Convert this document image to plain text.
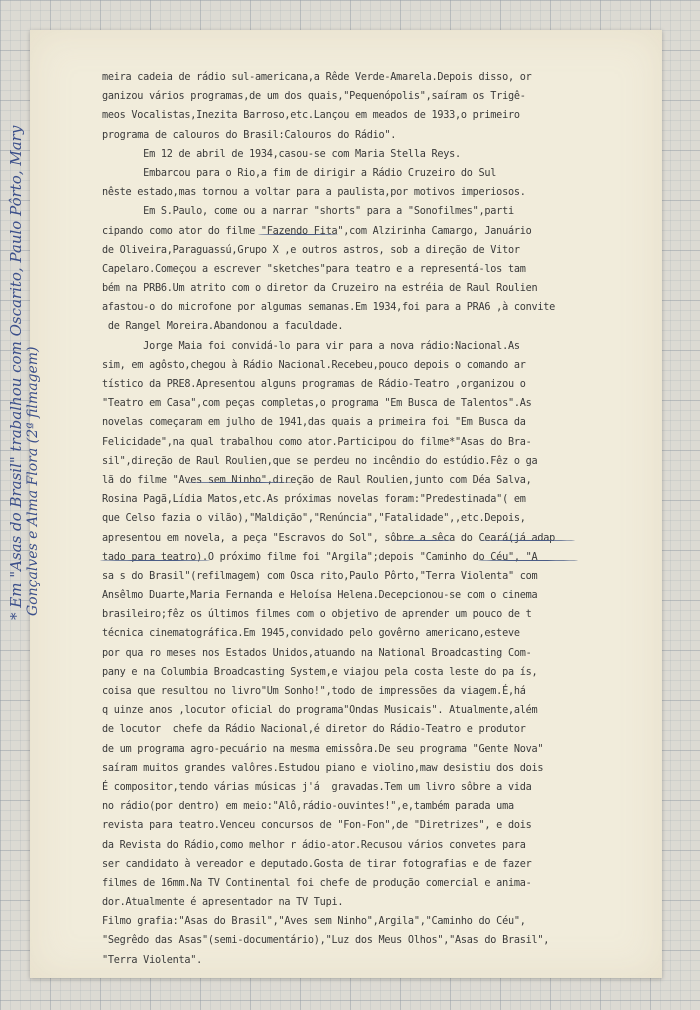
meira cadeia de rádio sul-americana,a Rêde Verde-Amarela.Depois disso, or
ganizou vários programas,de um dos quais,"Pequenópolis",saíram os Trigê-
meos Vocalistas,Inezita Barroso,etc.Lançou em meados de 1933,o primeiro
programa de calouros do Brasil:Calouros do Rádio".
Em 12 de abril de 1934,casou-se com Maria Stella Reys.
Embarcou para o Rio,a fim de dirigir a Rádio Cruzeiro do Sul
nêste estado,mas tornou a voltar para a paulista,por motivos imperiosos.
Em S.Paulo, come ou a narrar "shorts" para a "Sonofilmes",parti
cipando como ator do filme "Fazendo Fita",com Alzirinha Camargo, Januário
de Oliveira,Paraguassú,Grupo X ,e outros astros, sob a direção de Vitor
Capelaro.Começou a escrever "sketches"para teatro e a representá-los tam
bém na PRB6.Um atrito com o diretor da Cruzeiro na estréia de Raul Roulien
afastou-o do microfone por algumas semanas.Em 1934,foi para a PRA6 ,à convite
de Rangel Moreira.Abandonou a faculdade.
Jorge Maia foi convidá-lo para vir para a nova rádio:Nacional.As
sim, em agôsto,chegou à Rádio Nacional.Recebeu,pouco depois o comando ar
tístico da PRE8.Apresentou alguns programas de Rádio-Teatro ,organizou o
"Teatro em Casa",com peças completas,o programa "Em Busca de Talentos".As
novelas começaram em julho de 1941,das quais a primeira foi "Em Busca da
Felicidade",na qual trabalhou como ator.Participou do filme*"Asas do Bra-
sil",direção de Raul Roulien,que se perdeu no incêndio do estúdio.Fêz o ga
lã do filme "Aves sem Ninho",direção de Raul Roulien,junto com Déa Salva,
Rosina Pagã,Lídia Matos,etc.As próximas novelas foram:"Predestinada"( em
que Celso fazia o vilão),"Maldição","Renúncia","Fatalidade",,etc.Depois,
apresentou em novela, a peça "Escravos do Sol", sôbre a sêca do Ceará(já adap
tado para teatro).O próximo filme foi "Argila";depois "Caminho do Céu", "A
sa s do Brasil"(refilmagem) com Osca rito,Paulo Pôrto,"Terra Violenta" com
Ansêlmo Duarte,Maria Fernanda e Heloísa Helena.Decepcionou-se com o cinema
brasileiro;fêz os últimos filmes com o objetivo de aprender um pouco de t
técnica cinematográfica.Em 1945,convidado pelo govêrno americano,esteve
por qua ro meses nos Estados Unidos,atuando na National Broadcasting Com-
pany e na Columbia Broadcasting System,e viajou pela costa leste do pa ís,
coisa que resultou no livro"Um Sonho!",todo de impressões da viagem.É,há
q uinze anos ,locutor oficial do programa"Ondas Musicais". Atualmente,além
de locutor  chefe da Rádio Nacional,é diretor do Rádio-Teatro e produtor
de um programa agro-pecuário na mesma emissôra.De seu programa "Gente Nova"
saíram muitos grandes valôres.Estudou piano e violino,maw desistiu dos dois
É compositor,tendo várias músicas j'á  gravadas.Tem um livro sôbre a vida
no rádio(por dentro) em meio:"Alô,rádio-ouvintes!",e,também parada uma
revista para teatro.Venceu concursos de "Fon-Fon",de "Diretrizes", e dois
da Revista do Rádio,como melhor r ádio-ator.Recusou vários convetes para
ser candidato à vereador e deputado.Gosta de tirar fotografias e de fazer
filmes de 16mm.Na TV Continental foi chefe de produção comercial e anima-
dor.Atualmente é apresentador na TV Tupi.
Filmo grafia:"Asas do Brasil","Aves sem Ninho",Argila","Caminho do Céu",
"Segrêdo das Asas"(semi-documentário),"Luz dos Meus Olhos","Asas do Brasil",
"Terra Violenta".
* Em "Asas do Brasil" trabalhou com Oscarito, Paulo Pôrto, Mary Gonçalves e Alma Flora (2ª filmagem)
